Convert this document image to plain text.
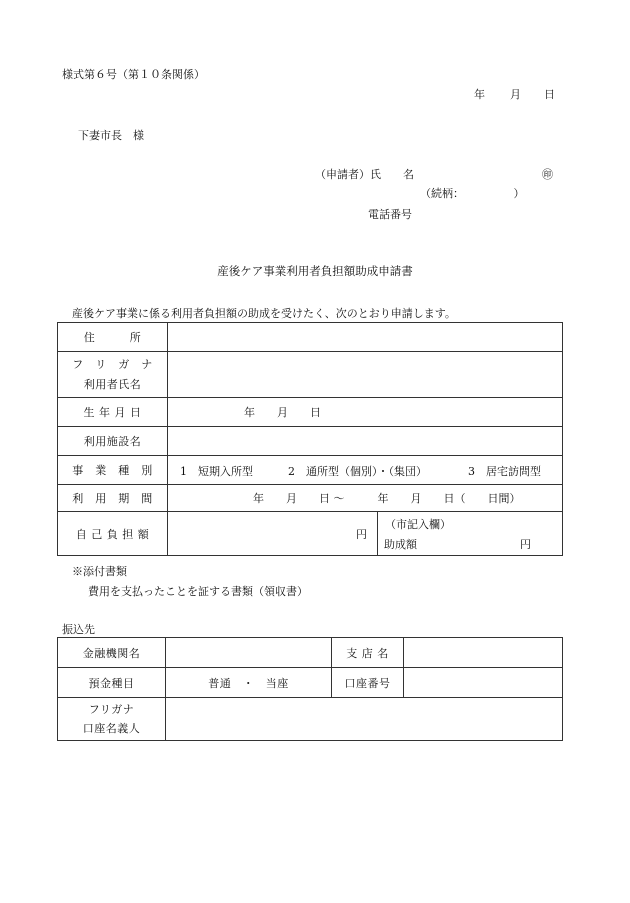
様式第６号（第１０条関係）
年 月 日
下妻市長　様
（申請者）氏　　名	㊞
（続柄：　　　　　）
電話番号
産後ケア事業利用者負担額助成申請書
産後ケア事業に係る利用者負担額の助成を受けたく、次のとおり申請します。
住　　　所	

フ　リ　ガ　ナ
利用者氏名	

生 年 月 日	年　　月　　日
利用施設名	
事　業　種　別	1　短期入所型 2　通所型（個別）・（集団） 3　居宅訪問型

利　用　期　間	年　　月　　日 ～　　　年　　月　　日（　　日間）
自 己 負 担 額	円
（市記入欄）
助成額 円
※添付書類
費用を支払ったことを証する書類（領収書）
振込先
金融機関名		支 店 名	
預金種目	普通　・　当座	口座番号	

フリガナ
口座名義人			
